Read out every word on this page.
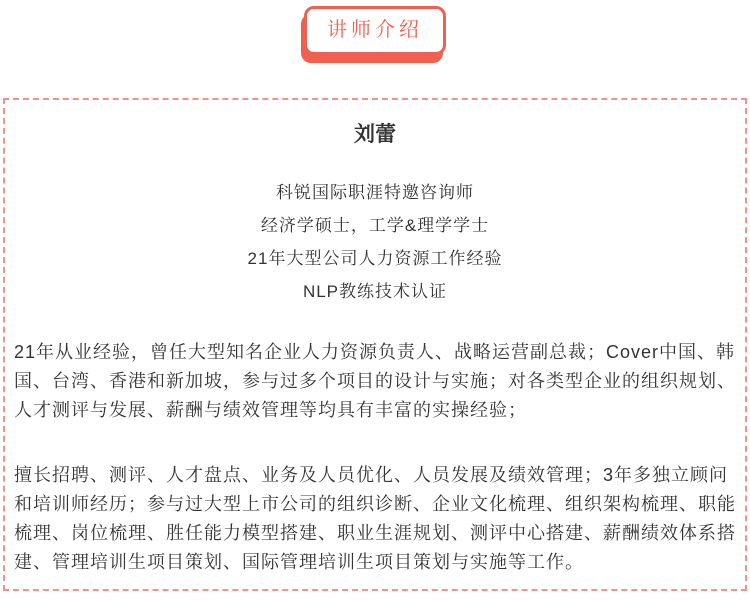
讲师介绍

刘蕾

科锐国际职涯特邀咨询师
经济学硕士，工学&理学学士
21年大型公司人力资源工作经验
NLP教练技术认证

21年从业经验，曾任大型知名企业人力资源负责人、战略运营副总裁；Cover中国、韩国、台湾、香港和新加坡，参与过多个项目的设计与实施；对各类型企业的组织规划、人才测评与发展、薪酬与绩效管理等均具有丰富的实操经验；

擅长招聘、测评、人才盘点、业务及人员优化、人员发展及绩效管理；3年多独立顾问和培训师经历；参与过大型上市公司的组织诊断、企业文化梳理、组织架构梳理、职能梳理、岗位梳理、胜任能力模型搭建、职业生涯规划、测评中心搭建、薪酬绩效体系搭建、管理培训生项目策划、国际管理培训生项目策划与实施等工作。
